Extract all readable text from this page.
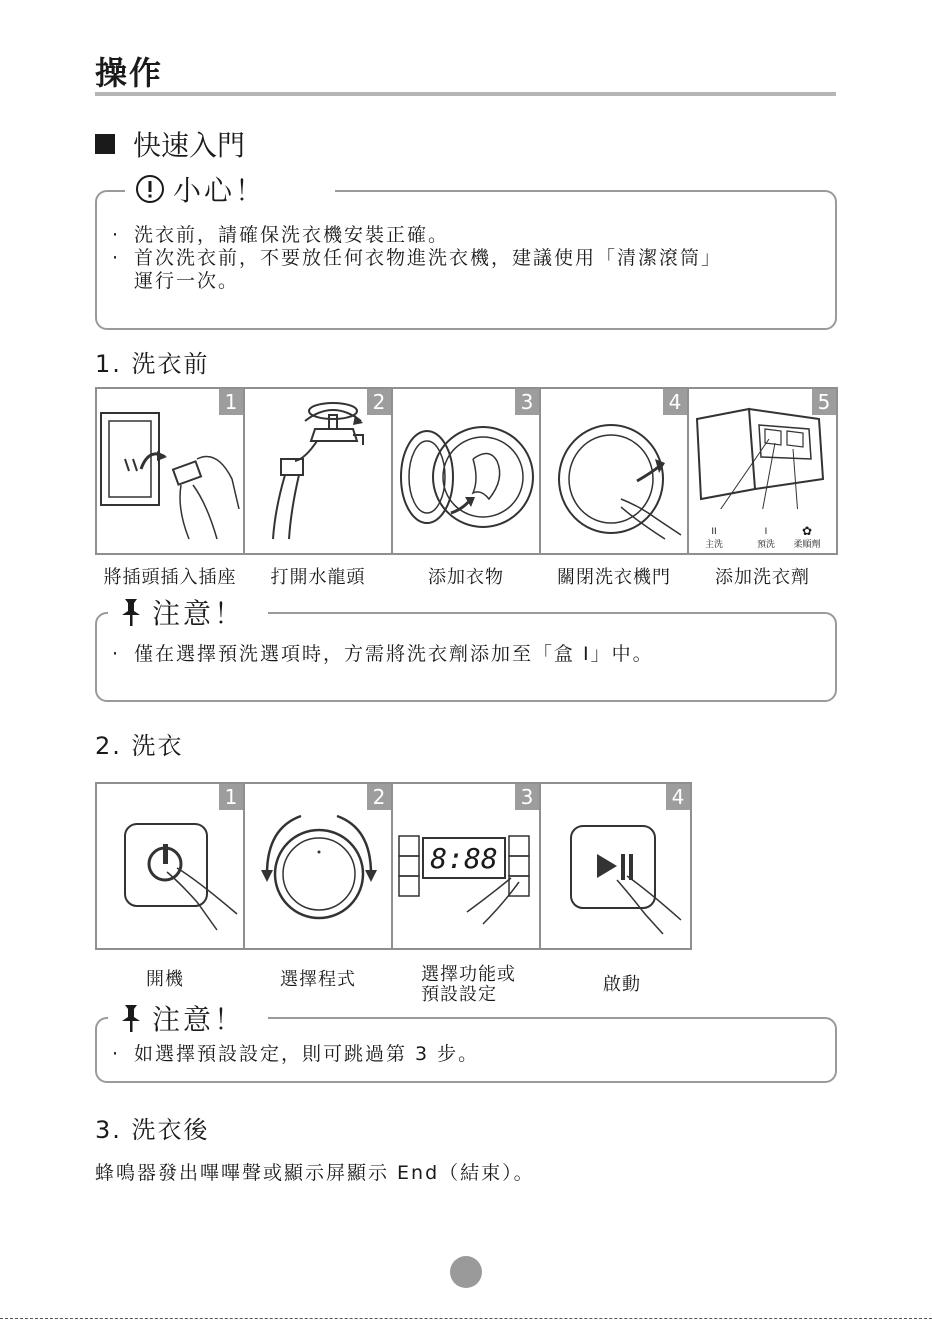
操作
快速入門
小心！
· 洗衣前，請確保洗衣機安裝正確。
· 首次洗衣前，不要放任何衣物進洗衣機，建議使用「清潔滾筒」
運行一次。
1. 洗衣前
1	2	3	4	5
II
主洗
I
預洗
✿
柔順劑
將插頭插入插座	打開水龍頭	添加衣物	關閉洗衣機門	添加洗衣劑
注意！
· 僅在選擇預洗選項時，方需將洗衣劑添加至「盒 I」中。
2. 洗衣
1	2	3
8:88
4
開機	選擇程式	選擇功能或
預設設定	啟動
注意！
· 如選擇預設設定，則可跳過第 3 步。
3. 洗衣後
蜂鳴器發出嗶嗶聲或顯示屏顯示 End（結束）。
